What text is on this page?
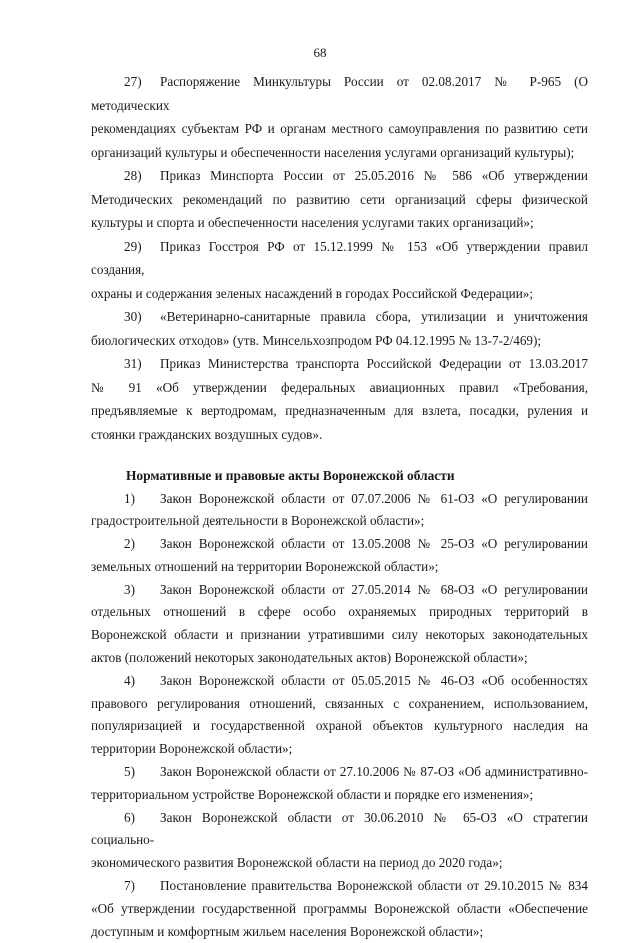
68

27) Распоряжение Минкультуры России от 02.08.2017 № Р-965 (О методических
рекомендациях субъектам РФ и органам местного самоуправления по развитию сети организаций культуры и обеспеченности населения услугами организаций культуры);

28) Приказ Минспорта России от 25.05.2016 № 586 «Об утверждении
Методических рекомендаций по развитию сети организаций сферы физической культуры и спорта и обеспеченности населения услугами таких организаций»;

29) Приказ Госстроя РФ от 15.12.1999 № 153 «Об утверждении правил создания,
охраны и содержания зеленых насаждений в городах Российской Федерации»;

30) «Ветеринарно-санитарные правила сбора, утилизации и уничтожения
биологических отходов» (утв. Минсельхозпродом РФ 04.12.1995 № 13-7-2/469);

31) Приказ Министерства транспорта Российской Федерации от 13.03.2017
№ 91 «Об утверждении федеральных авиационных правил «Требования, предъявляемые к вертодромам, предназначенным для взлета, посадки, руления и стоянки гражданских воздушных судов».

Нормативные и правовые акты Воронежской области

1) Закон Воронежской области от 07.07.2006 № 61-ОЗ «О регулировании
градостроительной деятельности в Воронежской области»;

2) Закон Воронежской области от 13.05.2008 № 25-ОЗ «О регулировании
земельных отношений на территории Воронежской области»;

3) Закон Воронежской области от 27.05.2014 № 68-ОЗ «О регулировании
отдельных отношений в сфере особо охраняемых природных территорий в Воронежской области и признании утратившими силу некоторых законодательных актов (положений некоторых законодательных актов) Воронежской области»;

4) Закон Воронежской области от 05.05.2015 № 46-ОЗ «Об особенностях
правового регулирования отношений, связанных с сохранением, использованием, популяризацией и государственной охраной объектов культурного наследия на территории Воронежской области»;

5) Закон Воронежской области от 27.10.2006 № 87-ОЗ «Об административно-
территориальном устройстве Воронежской области и порядке его изменения»;

6) Закон Воронежской области от 30.06.2010 № 65-ОЗ «О стратегии социально-
экономического развития Воронежской области на период до 2020 года»;

7) Постановление правительства Воронежской области от 29.10.2015 № 834
«Об утверждении государственной программы Воронежской области «Обеспечение доступным и комфортным жильем населения Воронежской области»;
